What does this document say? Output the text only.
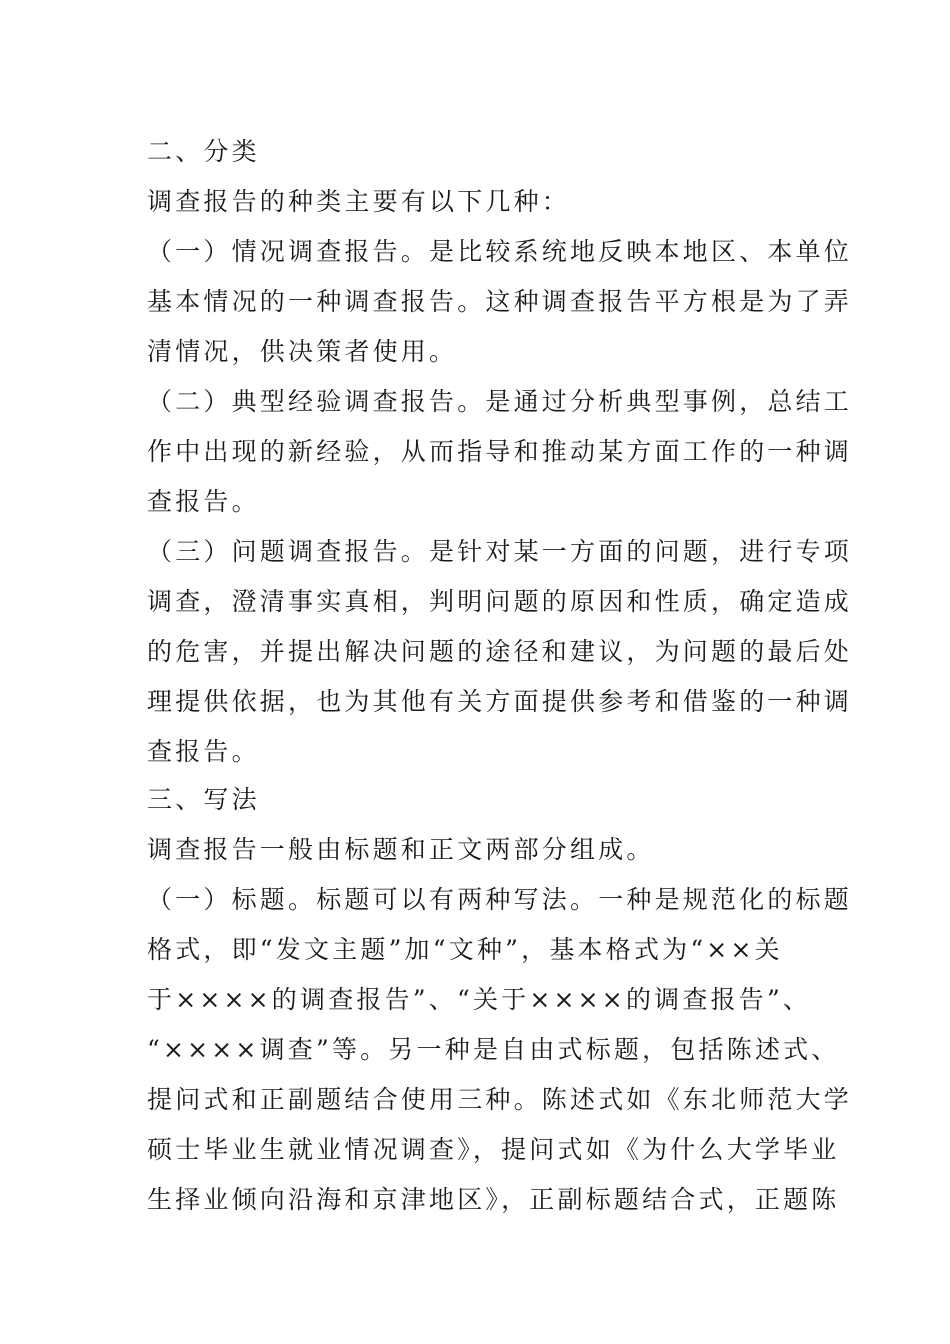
二、分类
调查报告的种类主要有以下几种：
（一）情况调查报告。是比较系统地反映本地区、本单位
基本情况的一种调查报告。这种调查报告平方根是为了弄
清情况，供决策者使用。
（二）典型经验调查报告。是通过分析典型事例，总结工
作中出现的新经验，从而指导和推动某方面工作的一种调
查报告。
（三）问题调查报告。是针对某一方面的问题，进行专项
调查，澄清事实真相，判明问题的原因和性质，确定造成
的危害，并提出解决问题的途径和建议，为问题的最后处
理提供依据，也为其他有关方面提供参考和借鉴的一种调
查报告。
三、写法
调查报告一般由标题和正文两部分组成。
（一）标题。标题可以有两种写法。一种是规范化的标题
格式，即“发文主题”加“文种”，基本格式为“××关
于××××的调查报告”、“关于××××的调查报告”、
“××××调查”等。另一种是自由式标题，包括陈述式、
提问式和正副题结合使用三种。陈述式如《东北师范大学
硕士毕业生就业情况调查》，提问式如《为什么大学毕业
生择业倾向沿海和京津地区》，正副标题结合式，正题陈
